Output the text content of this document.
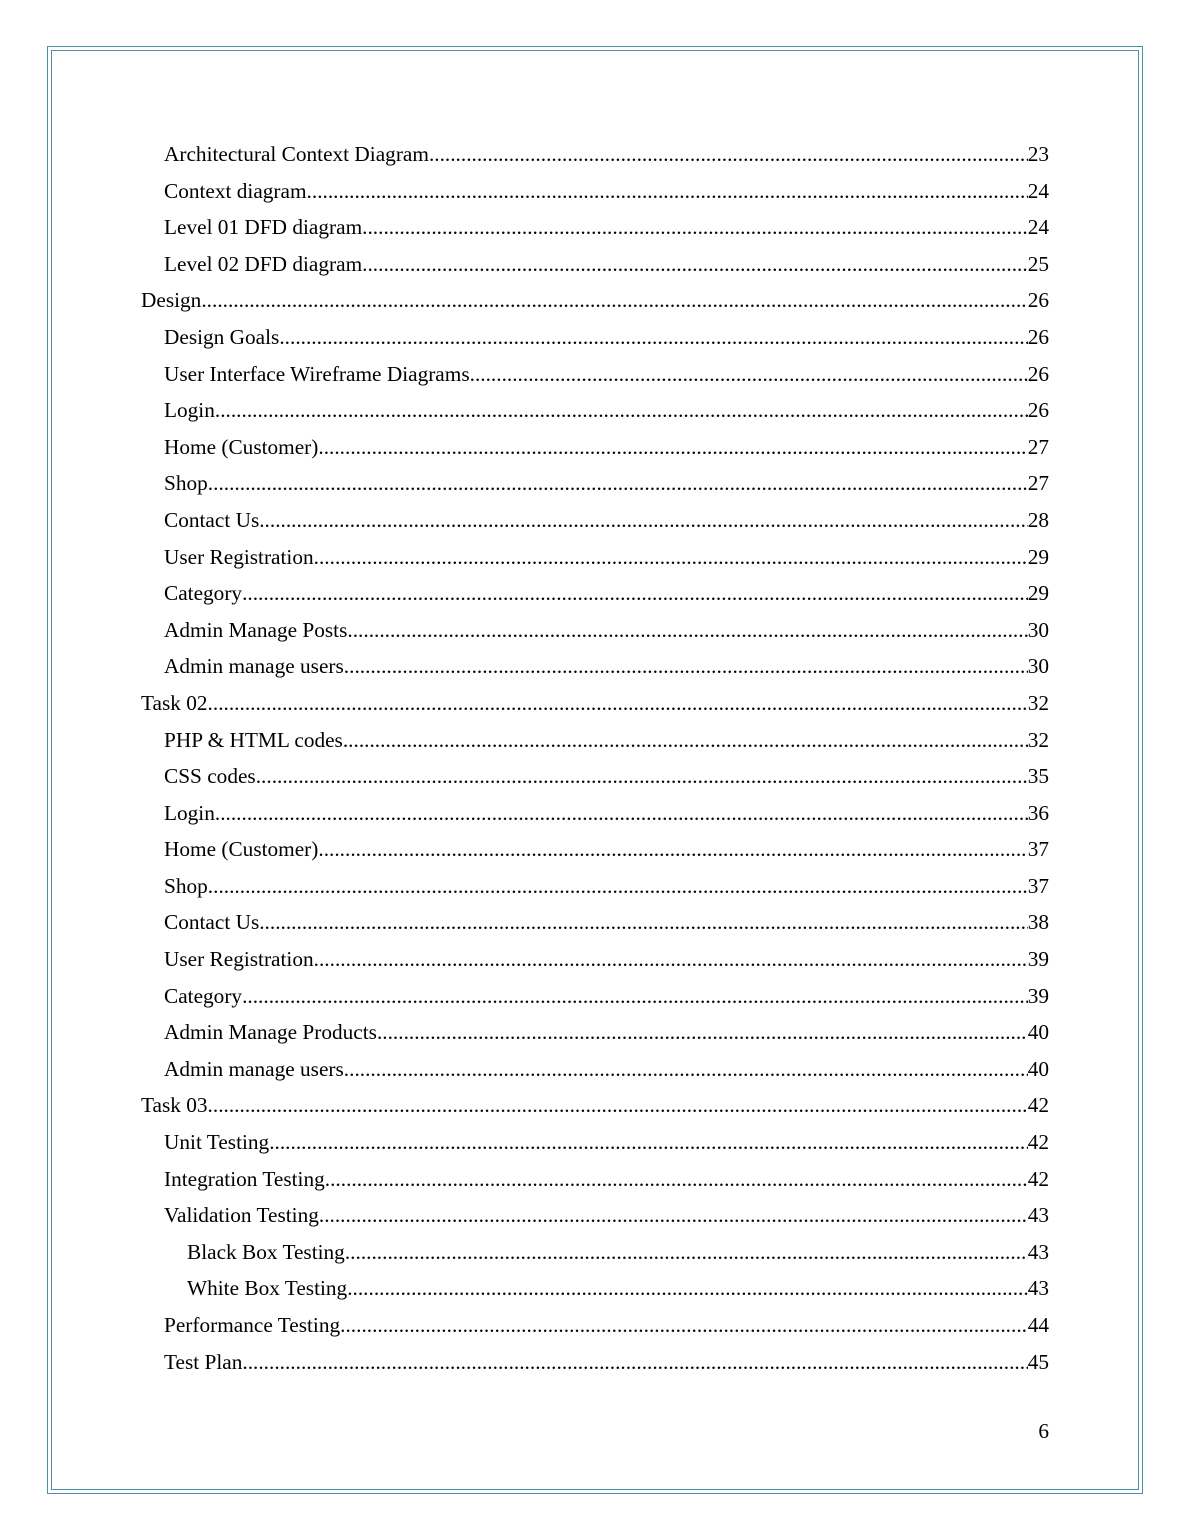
Architectural Context Diagram .....	23
Context diagram .....	24
Level 01 DFD diagram .....	24
Level 02 DFD diagram .....	25
Design .....	26
Design Goals .....	26
User Interface Wireframe Diagrams .....	26
Login .....	26
Home (Customer) .....	27
Shop .....	27
Contact Us .....	28
User Registration .....	29
Category .....	29
Admin Manage Posts .....	30
Admin manage users .....	30
Task 02 .....	32
PHP & HTML codes .....	32
CSS codes .....	35
Login .....	36
Home (Customer) .....	37
Shop .....	37
Contact Us .....	38
User Registration .....	39
Category .....	39
Admin Manage Products .....	40
Admin manage users .....	40
Task 03 .....	42
Unit Testing .....	42
Integration Testing .....	42
Validation Testing .....	43
Black Box Testing .....	43
White Box Testing .....	43
Performance Testing .....	44
Test Plan .....	45
6
